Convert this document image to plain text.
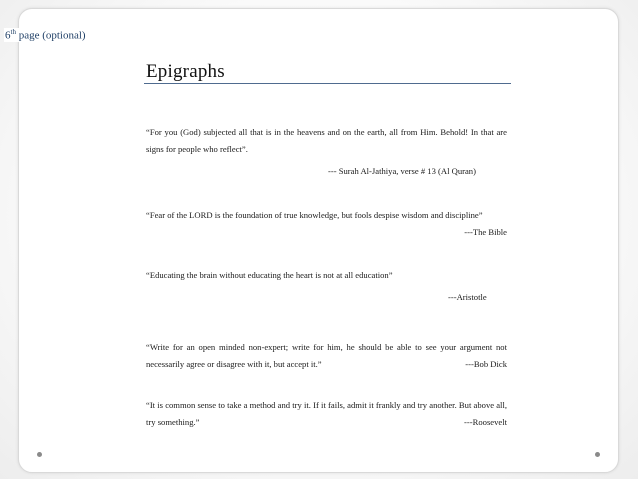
6th page (optional)
Epigraphs
“For you (God) subjected all that is in the heavens and on the earth, all from Him. Behold! In that are signs for people who reflect”.
--- Surah Al-Jathiya, verse # 13 (Al Quran)
“Fear of the LORD is the foundation of true knowledge, but fools despise wisdom and discipline”
---The Bible
“Educating the brain without educating the heart is not at all education”
---Aristotle
“Write for an open minded non-expert; write for him, he should be able to see your argument not necessarily agree or disagree with it, but accept it.”	---Bob Dick
“It is common sense to take a method and try it. If it fails, admit it frankly and try another. But above all, try something.”	---Roosevelt
